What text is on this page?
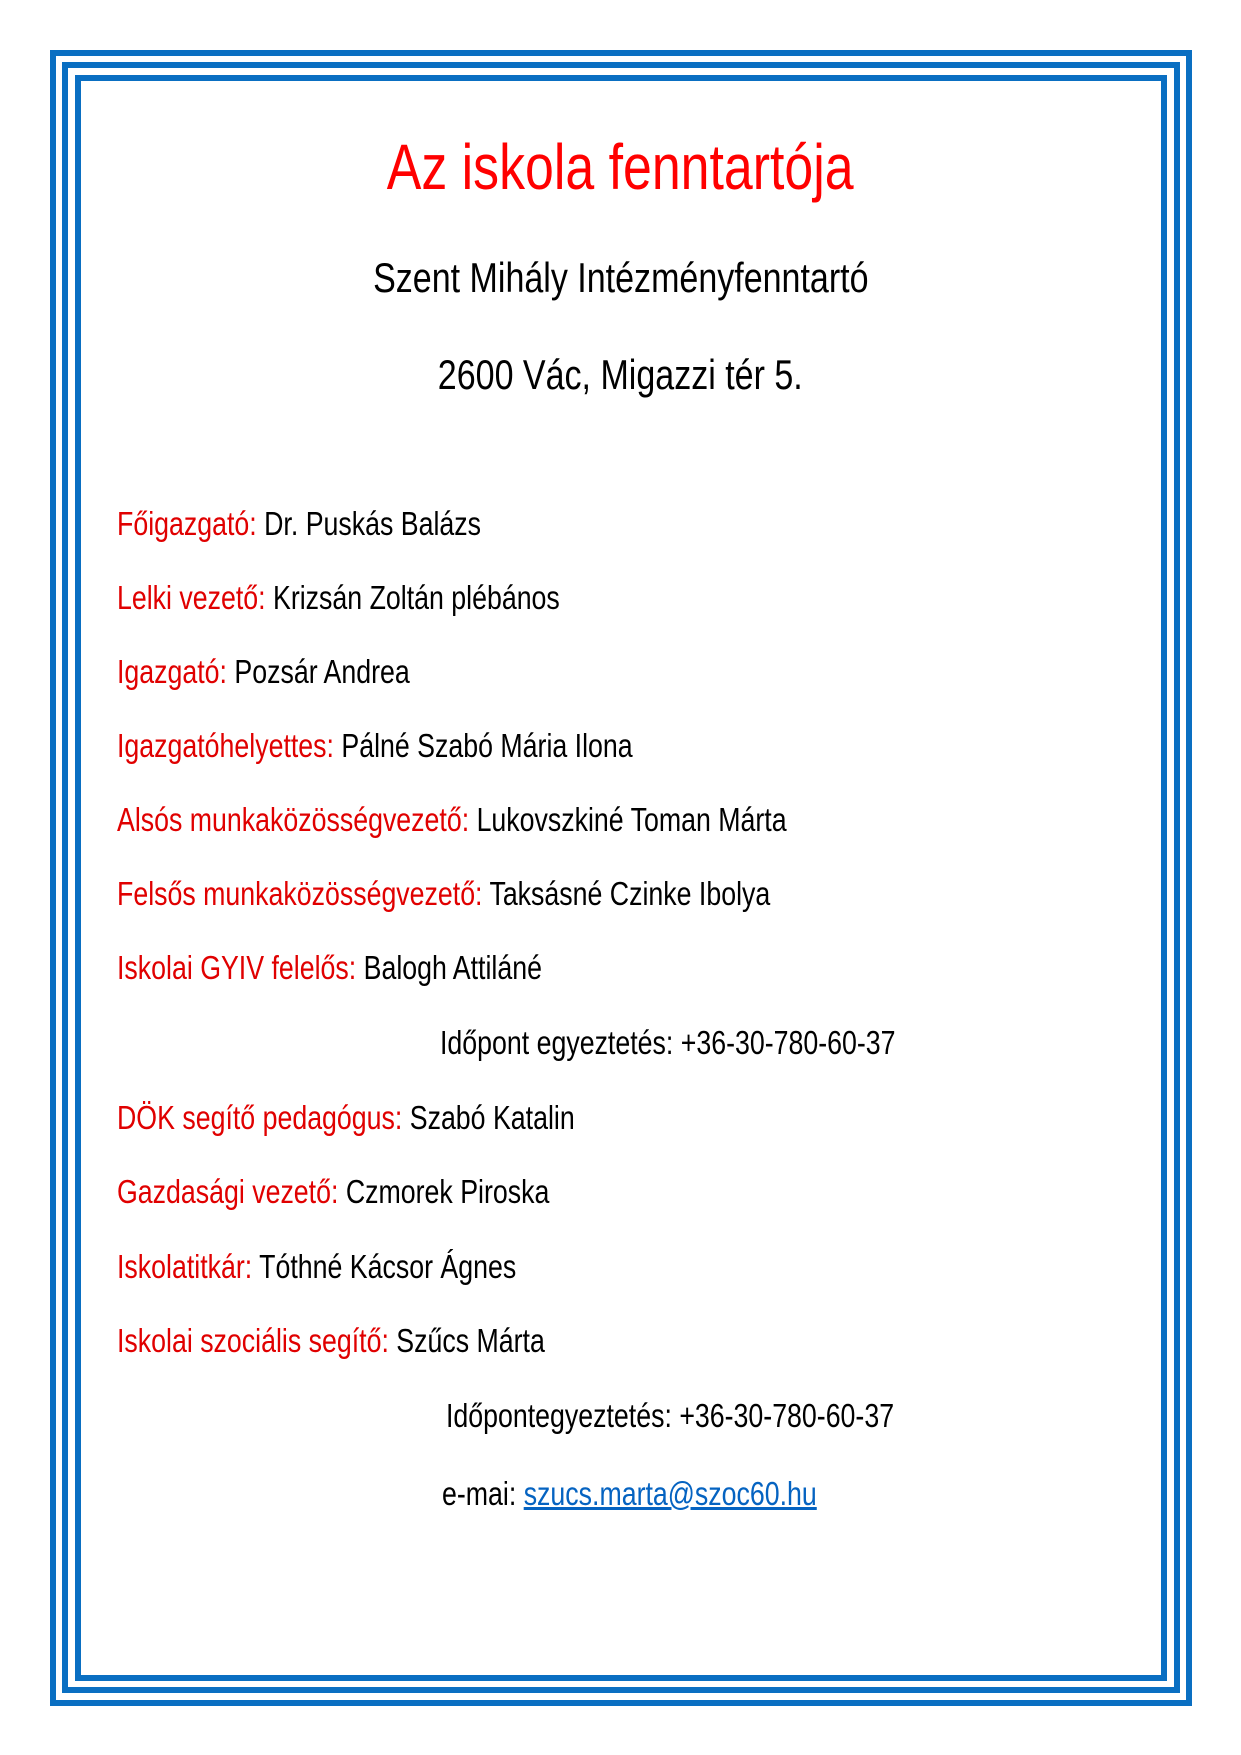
Az iskola fenntartója
Szent Mihály Intézményfenntartó
2600 Vác, Migazzi tér 5.
Főigazgató: Dr. Puskás Balázs
Lelki vezető: Krizsán Zoltán plébános
Igazgató: Pozsár Andrea
Igazgatóhelyettes: Pálné Szabó Mária Ilona
Alsós munkaközösségvezető: Lukovszkiné Toman Márta
Felsős munkaközösségvezető: Taksásné Czinke Ibolya
Iskolai GYIV felelős: Balogh Attiláné
Időpont egyeztetés: +36-30-780-60-37
DÖK segítő pedagógus: Szabó Katalin
Gazdasági vezető: Czmorek Piroska
Iskolatitkár: Tóthné Kácsor Ágnes
Iskolai szociális segítő: Szűcs Márta
Időpontegyeztetés: +36-30-780-60-37
e-mai: szucs.marta@szoc60.hu
